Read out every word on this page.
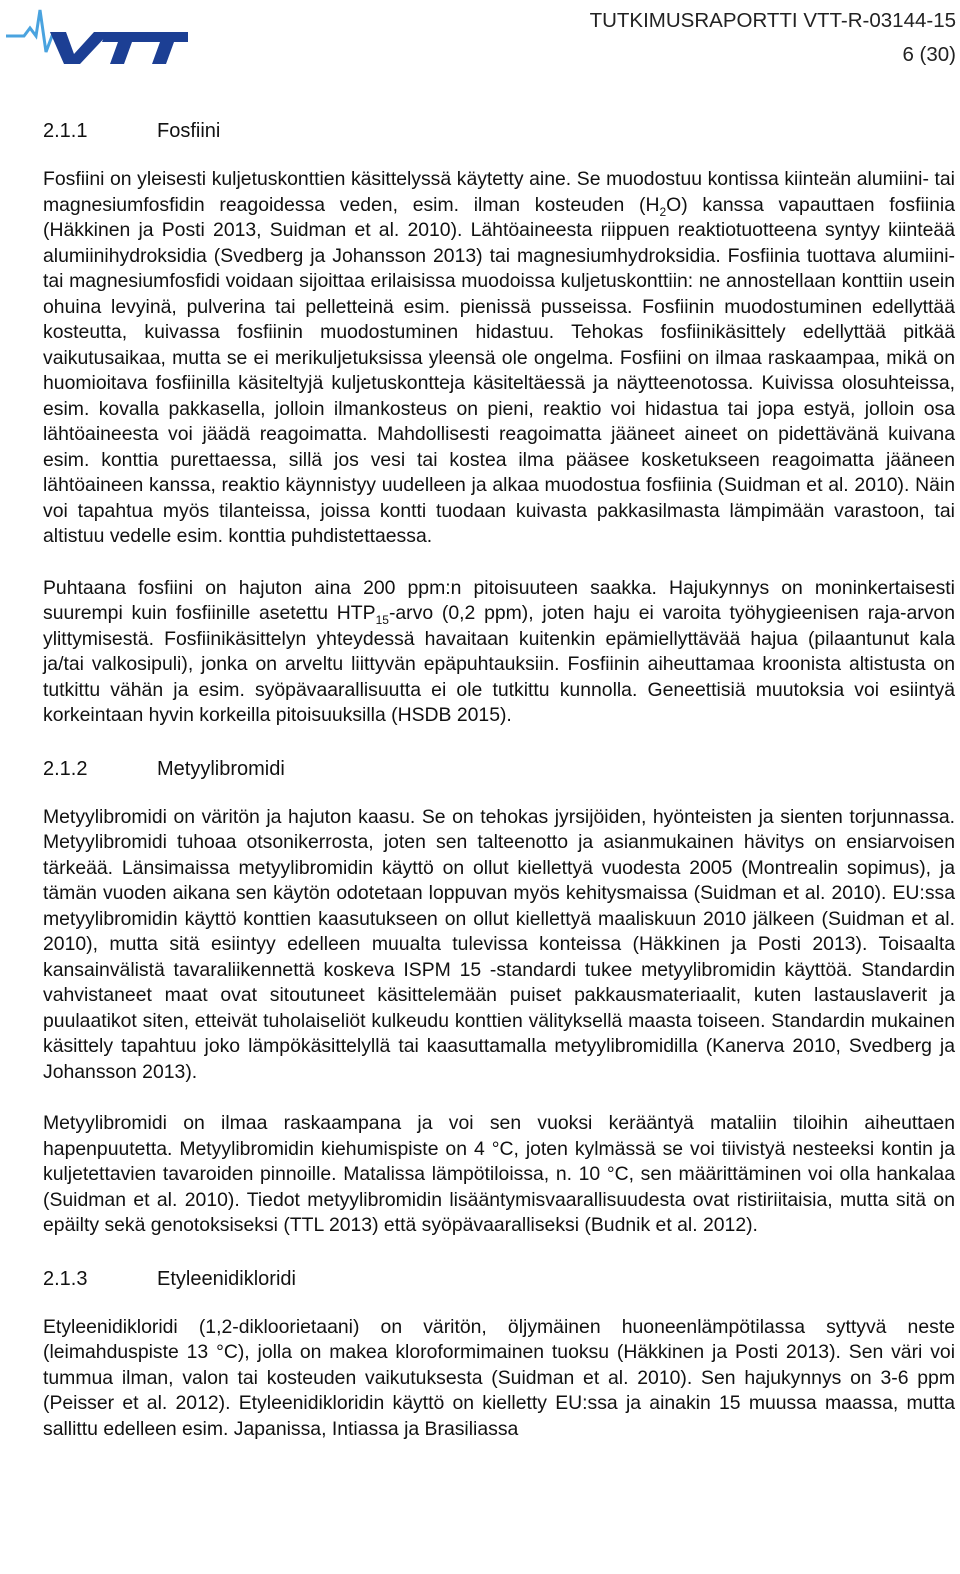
TUTKIMUSRAPORTTI VTT-R-03144-15
6 (30)
2.1.1	Fosfiini

Fosfiini on yleisesti kuljetuskonttien käsittelyssä käytetty aine. Se muodostuu kontissa kiinteän alumiini- tai magnesiumfosfidin reagoidessa veden, esim. ilman kosteuden $(H_2O)$ kanssa vapauttaen fosfiinia (Häkkinen ja Posti 2013, Suidman et al. 2010). Lähtöaineesta riippuen reaktiotuotteena syntyy kiinteää alumiinihydroksidia (Svedberg ja Johansson 2013) tai magnesiumhydroksidia. Fosfiinia tuottava alumiini- tai magnesiumfosfidi voidaan sijoittaa erilaisissa muodoissa kuljetuskonttiin: ne annostellaan konttiin usein ohuina levyinä, pulverina tai pelletteinä esim. pienissä pusseissa. Fosfiinin muodostuminen edellyttää kosteutta, kuivassa fosfiinin muodostuminen hidastuu. Tehokas fosfiinikäsittely edellyttää pitkää vaikutusaikaa, mutta se ei merikuljetuksissa yleensä ole ongelma. Fosfiini on ilmaa raskaampaa, mikä on huomioitava fosfiinilla käsiteltyjä kuljetuskontteja käsiteltäessä ja näytteenotossa. Kuivissa olosuhteissa, esim. kovalla pakkasella, jolloin ilmankosteus on pieni, reaktio voi hidastua tai jopa estyä, jolloin osa lähtöaineesta voi jäädä reagoimatta. Mahdollisesti reagoimatta jääneet aineet on pidettävänä kuivana esim. konttia purettaessa, sillä jos vesi tai kostea ilma pääsee kosketukseen reagoimatta jääneen lähtöaineen kanssa, reaktio käynnistyy uudelleen ja alkaa muodostua fosfiinia (Suidman et al. 2010). Näin voi tapahtua myös tilanteissa, joissa kontti tuodaan kuivasta pakkasilmasta lämpimään varastoon, tai altistuu vedelle esim. konttia puhdistettaessa.

Puhtaana fosfiini on hajuton aina 200 ppm:n pitoisuuteen saakka. Hajukynnys on moninkertaisesti suurempi kuin fosfiinille asetettu $HTP_{15}$-arvo (0,2 ppm), joten haju ei varoita työhygieenisen raja-arvon ylittymisestä. Fosfiinikäsittelyn yhteydessä havaitaan kuitenkin epämiellyttävää hajua (pilaantunut kala ja/tai valkosipuli), jonka on arveltu liittyvän epäpuhtauksiin. Fosfiinin aiheuttamaa kroonista altistusta on tutkittu vähän ja esim. syöpävaarallisuutta ei ole tutkittu kunnolla. Geneettisiä muutoksia voi esiintyä korkeintaan hyvin korkeilla pitoisuuksilla (HSDB 2015).

2.1.2	Metyylibromidi

Metyylibromidi on väritön ja hajuton kaasu. Se on tehokas jyrsijöiden, hyönteisten ja sienten torjunnassa. Metyylibromidi tuhoaa otsonikerrosta, joten sen talteenotto ja asianmukainen hävitys on ensiarvoisen tärkeää. Länsimaissa metyylibromidin käyttö on ollut kiellettyä vuodesta 2005 (Montrealin sopimus), ja tämän vuoden aikana sen käytön odotetaan loppuvan myös kehitysmaissa (Suidman et al. 2010). EU:ssa metyylibromidin käyttö konttien kaasutukseen on ollut kiellettyä maaliskuun 2010 jälkeen (Suidman et al. 2010), mutta sitä esiintyy edelleen muualta tulevissa konteissa (Häkkinen ja Posti 2013). Toisaalta kansainvälistä tavaraliikennettä koskeva ISPM 15 -standardi tukee metyylibromidin käyttöä. Standardin vahvistaneet maat ovat sitoutuneet käsittelemään puiset pakkausmateriaalit, kuten lastauslaverit ja puulaatikot siten, etteivät tuholaiseliöt kulkeudu konttien välityksellä maasta toiseen. Standardin mukainen käsittely tapahtuu joko lämpökäsittelyllä tai kaasuttamalla metyylibromidilla (Kanerva 2010, Svedberg ja Johansson 2013).

Metyylibromidi on ilmaa raskaampana ja voi sen vuoksi kerääntyä mataliin tiloihin aiheuttaen hapenpuutetta. Metyylibromidin kiehumispiste on 4 °C, joten kylmässä se voi tiivistyä nesteeksi kontin ja kuljetettavien tavaroiden pinnoille. Matalissa lämpötiloissa, n. 10 °C, sen määrittäminen voi olla hankalaa (Suidman et al. 2010). Tiedot metyylibromidin lisääntymisvaarallisuudesta ovat ristiriitaisia, mutta sitä on epäilty sekä genotoksiseksi (TTL 2013) että syöpävaaralliseksi (Budnik et al. 2012).

2.1.3	Etyleenidikloridi

Etyleenidikloridi (1,2-dikloorietaani) on väritön, öljymäinen huoneenlämpötilassa syttyvä neste (leimahduspiste 13 °C), jolla on makea kloroformimainen tuoksu (Häkkinen ja Posti 2013). Sen väri voi tummua ilman, valon tai kosteuden vaikutuksesta (Suidman et al. 2010). Sen hajukynnys on 3-6 ppm (Peisser et al. 2012). Etyleenidikloridin käyttö on kielletty EU:ssa ja ainakin 15 muussa maassa, mutta sallittu edelleen esim. Japanissa, Intiassa ja Brasiliassa
